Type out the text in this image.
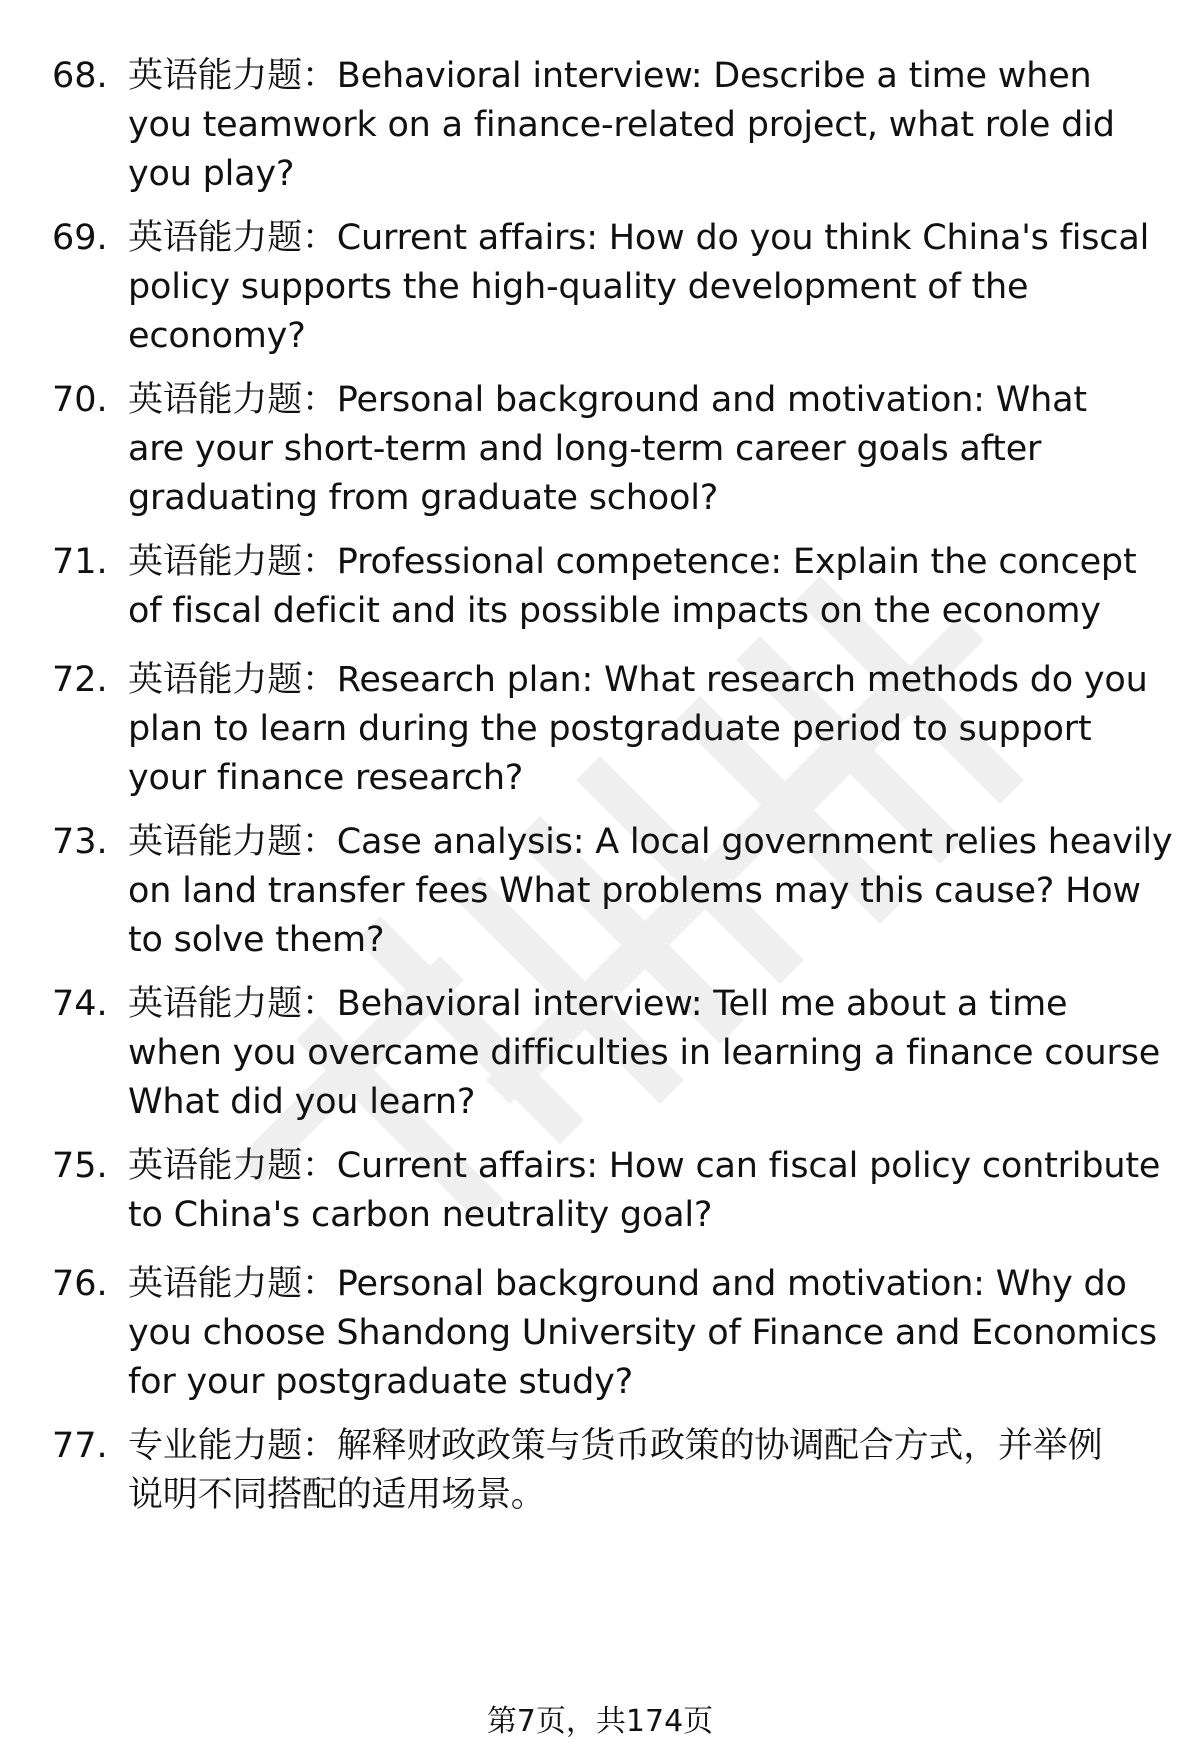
68. 英语能力题：Behavioral interview: Describe a time when
you teamwork on a finance-related project, what role did
you play?
69. 英语能力题：Current affairs: How do you think China's fiscal
policy supports the high-quality development of the
economy?
70. 英语能力题：Personal background and motivation: What
are your short-term and long-term career goals after
graduating from graduate school?
71. 英语能力题：Professional competence: Explain the concept
of fiscal deficit and its possible impacts on the economy
72. 英语能力题：Research plan: What research methods do you
plan to learn during the postgraduate period to support
your finance research?
73. 英语能力题：Case analysis: A local government relies heavily
on land transfer fees What problems may this cause? How
to solve them?
74. 英语能力题：Behavioral interview: Tell me about a time
when you overcame difficulties in learning a finance course
What did you learn?
75. 英语能力题：Current affairs: How can fiscal policy contribute
to China's carbon neutrality goal?
76. 英语能力题：Personal background and motivation: Why do
you choose Shandong University of Finance and Economics
for your postgraduate study?
77. 专业能力题：解释财政政策与货币政策的协调配合方式，并举例
说明不同搭配的适用场景。
第7页，共174页
